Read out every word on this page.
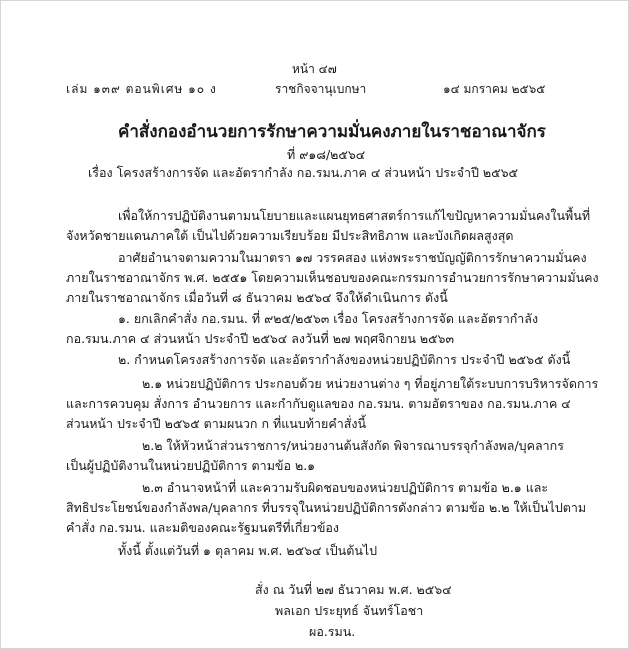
หน้า ๔๗
เล่ม ๑๓๙ ตอนพิเศษ ๑๐ ง	ราชกิจจานุเบกษา	๑๔ มกราคม ๒๕๖๕
คำสั่งกองอำนวยการรักษาความมั่นคงภายในราชอาณาจักร
ที่ ๙๑๘/๒๕๖๔
เรื่อง โครงสร้างการจัด และอัตรากำลัง กอ.รมน.ภาค ๔ ส่วนหน้า ประจำปี ๒๕๖๕
เพื่อให้การปฏิบัติงานตามนโยบายและแผนยุทธศาสตร์การแก้ไขปัญหาความมั่นคงในพื้นที่
จังหวัดชายแดนภาคใต้ เป็นไปด้วยความเรียบร้อย มีประสิทธิภาพ และบังเกิดผลสูงสุด
อาศัยอำนาจตามความในมาตรา ๑๗ วรรคสอง แห่งพระราชบัญญัติการรักษาความมั่นคง
ภายในราชอาณาจักร พ.ศ. ๒๕๕๑ โดยความเห็นชอบของคณะกรรมการอำนวยการรักษาความมั่นคง
ภายในราชอาณาจักร เมื่อวันที่ ๘ ธันวาคม ๒๕๖๔ จึงให้ดำเนินการ ดังนี้
๑. ยกเลิกคำสั่ง กอ.รมน. ที่ ๙๒๕/๒๕๖๓ เรื่อง โครงสร้างการจัด และอัตรากำลัง
กอ.รมน.ภาค ๔ ส่วนหน้า ประจำปี ๒๕๖๔ ลงวันที่ ๒๗ พฤศจิกายน ๒๕๖๓
๒. กำหนดโครงสร้างการจัด และอัตรากำลังของหน่วยปฏิบัติการ ประจำปี ๒๕๖๕ ดังนี้
๒.๑ หน่วยปฏิบัติการ ประกอบด้วย หน่วยงานต่าง ๆ ที่อยู่ภายใต้ระบบการบริหารจัดการ
และการควบคุม สั่งการ อำนวยการ และกำกับดูแลของ กอ.รมน. ตามอัตราของ กอ.รมน.ภาค ๔
ส่วนหน้า ประจำปี ๒๕๖๕ ตามผนวก ก ที่แนบท้ายคำสั่งนี้
๒.๒ ให้หัวหน้าส่วนราชการ/หน่วยงานต้นสังกัด พิจารณาบรรจุกำลังพล/บุคลากร
เป็นผู้ปฏิบัติงานในหน่วยปฏิบัติการ ตามข้อ ๒.๑
๒.๓ อำนาจหน้าที่ และความรับผิดชอบของหน่วยปฏิบัติการ ตามข้อ ๒.๑ และ
สิทธิประโยชน์ของกำลังพล/บุคลากร ที่บรรจุในหน่วยปฏิบัติการดังกล่าว ตามข้อ ๒.๒ ให้เป็นไปตาม
คำสั่ง กอ.รมน. และมติของคณะรัฐมนตรีที่เกี่ยวข้อง
ทั้งนี้ ตั้งแต่วันที่ ๑ ตุลาคม พ.ศ. ๒๕๖๔ เป็นต้นไป
สั่ง ณ วันที่ ๒๗ ธันวาคม พ.ศ. ๒๕๖๔
พลเอก ประยุทธ์ จันทร์โอชา
ผอ.รมน.
